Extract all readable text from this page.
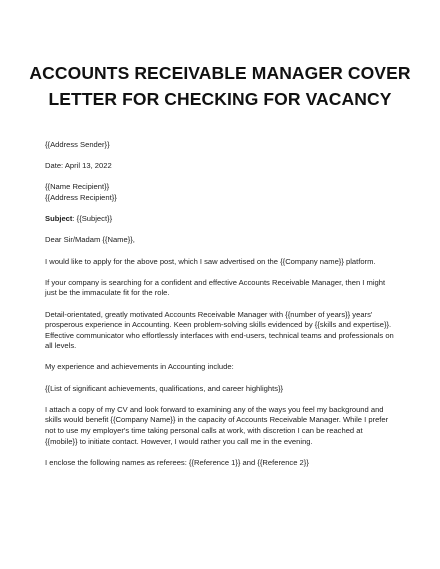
ACCOUNTS RECEIVABLE MANAGER COVER
LETTER FOR CHECKING FOR VACANCY

{{Address Sender}}

Date: April 13, 2022

{{Name Recipient}}

{{Address Recipient}}

Subject: {{Subject}}

Dear Sir/Madam {{Name}},

I would like to apply for the above post, which I saw advertised on the {{Company name}} platform.

If your company is searching for a confident and effective Accounts Receivable Manager, then I might

just be the immaculate fit for the role.

Detail-orientated, greatly motivated Accounts Receivable Manager with {{number of years}} years'

prosperous experience in Accounting. Keen problem-solving skills evidenced by {{skills and expertise}}.

Effective communicator who effortlessly interfaces with end-users, technical teams and professionals on

all levels.

My experience and achievements in Accounting include:

{{List of significant achievements, qualifications, and career highlights}}

I attach a copy of my CV and look forward to examining any of the ways you feel my background and

skills would benefit {{Company Name}} in the capacity of Accounts Receivable Manager. While I prefer

not to use my employer's time taking personal calls at work, with discretion I can be reached at

{{mobile}} to initiate contact. However, I would rather you call me in the evening.

I enclose the following names as referees: {{Reference 1}} and {{Reference 2}}
